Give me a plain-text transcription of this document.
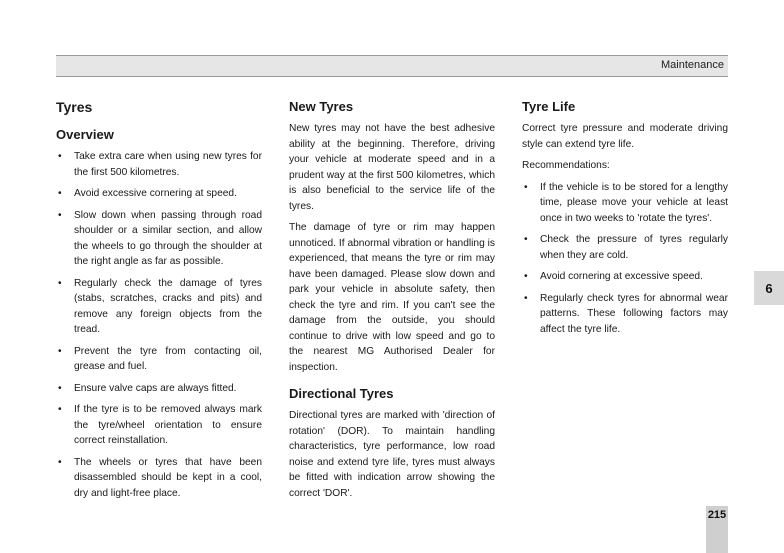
Maintenance
Tyres
Overview
• Take extra care when using new tyres for the first 500 kilometres.
• Avoid excessive cornering at speed.
• Slow down when passing through road shoulder or a similar section, and allow the wheels to go through the shoulder at the right angle as far as possible.
• Regularly check the damage of tyres (stabs, scratches, cracks and pits) and remove any foreign objects from the tread.
• Prevent the tyre from contacting oil, grease and fuel.
• Ensure valve caps are always fitted.
• If the tyre is to be removed always mark the tyre/wheel orientation to ensure correct reinstallation.
• The wheels or tyres that have been disassembled should be kept in a cool, dry and light-free place.
New Tyres

New tyres may not have the best adhesive ability at the beginning. Therefore, driving your vehicle at moderate speed and in a prudent way at the first 500 kilometres, which is also beneficial to the service life of the tyres.

The damage of tyre or rim may happen unnoticed. If abnormal vibration or handling is experienced, that means the tyre or rim may have been damaged. Please slow down and park your vehicle in absolute safety, then check the tyre and rim. If you can't see the damage from the outside, you should continue to drive with low speed and go to the nearest MG Authorised Dealer for inspection.

Directional Tyres

Directional tyres are marked with 'direction of rotation' (DOR). To maintain handling characteristics, tyre performance, low road noise and extend tyre life, tyres must always be fitted with indication arrow showing the correct 'DOR'.

Tyre Life

Correct tyre pressure and moderate driving style can extend tyre life.

Recommendations:

• If the vehicle is to be stored for a lengthy time, please move your vehicle at least once in two weeks to 'rotate the tyres'.
• Check the pressure of tyres regularly when they are cold.
• Avoid cornering at excessive speed.
• Regularly check tyres for abnormal wear patterns. These following factors may affect the tyre life.
6
215
